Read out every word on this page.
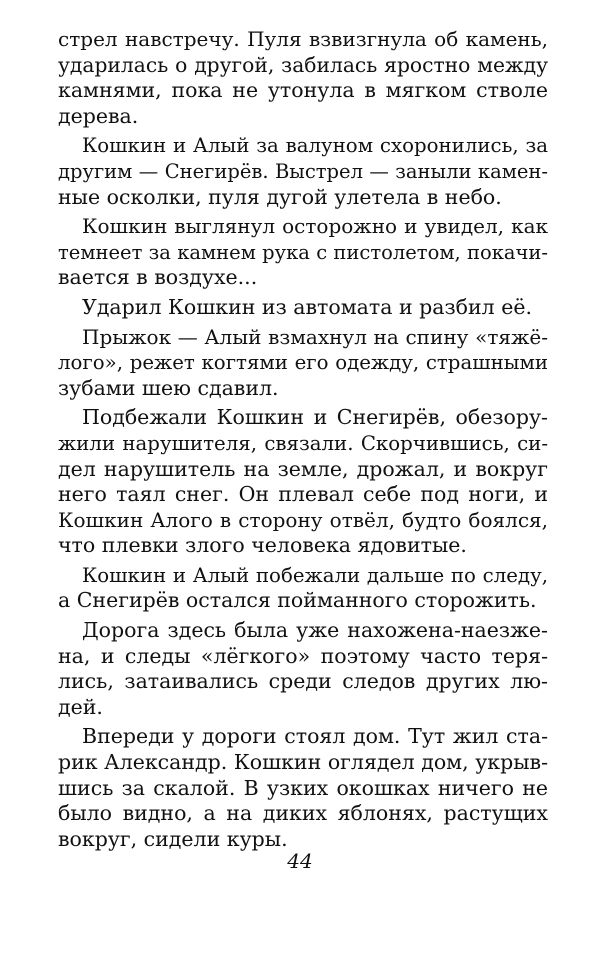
стрел навстречу. Пуля взвизгнула об камень,
ударилась о другой, забилась яростно между
камнями, пока не утонула в мягком стволе
дерева.
Кошкин и Алый за валуном схоронились, за
другим — Снегирёв. Выстрел — заныли камен-
ные осколки, пуля дугой улетела в небо.
Кошкин выглянул осторожно и увидел, как
темнеет за камнем рука с пистолетом, покачи-
вается в воздухе...
Ударил Кошкин из автомата и разбил её.
Прыжок — Алый взмахнул на спину «тяжё-
лого», режет когтями его одежду, страшными
зубами шею сдавил.
Подбежали Кошкин и Снегирёв, обезору-
жили нарушителя, связали. Скорчившись, си-
дел нарушитель на земле, дрожал, и вокруг
него таял снег. Он плевал себе под ноги, и
Кошкин Алого в сторону отвёл, будто боялся,
что плевки злого человека ядовитые.
Кошкин и Алый побежали дальше по следу,
а Снегирёв остался пойманного сторожить.
Дорога здесь была уже нахожена-наезже-
на, и следы «лёгкого» поэтому часто теря-
лись, затаивались среди следов других лю-
дей.
Впереди у дороги стоял дом. Тут жил ста-
рик Александр. Кошкин оглядел дом, укрыв-
шись за скалой. В узких окошках ничего не
было видно, а на диких яблонях, растущих
вокруг, сидели куры.
44
